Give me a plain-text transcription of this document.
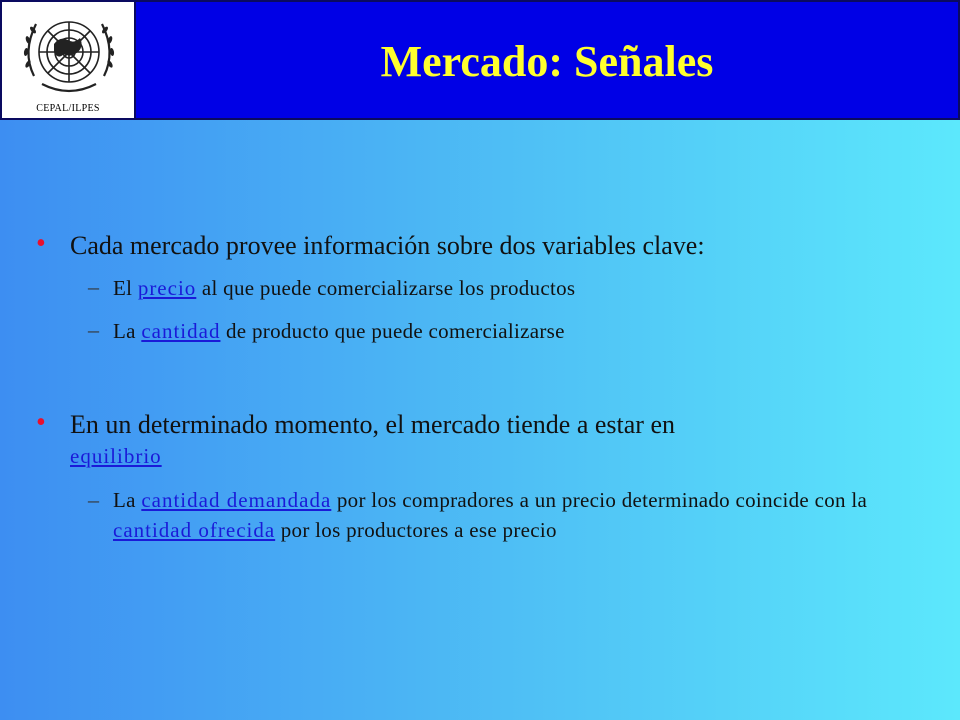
CEPAL/ILPES
Mercado: Señales
• Cada mercado provee información sobre dos variables clave:
– El precio al que puede comercializarse los productos
– La cantidad de producto que puede comercializarse
• En un determinado momento, el mercado tiende a estar en
equilibrio
– La cantidad demandada por los compradores a un precio determinado coincide con la cantidad ofrecida por los productores a ese precio
